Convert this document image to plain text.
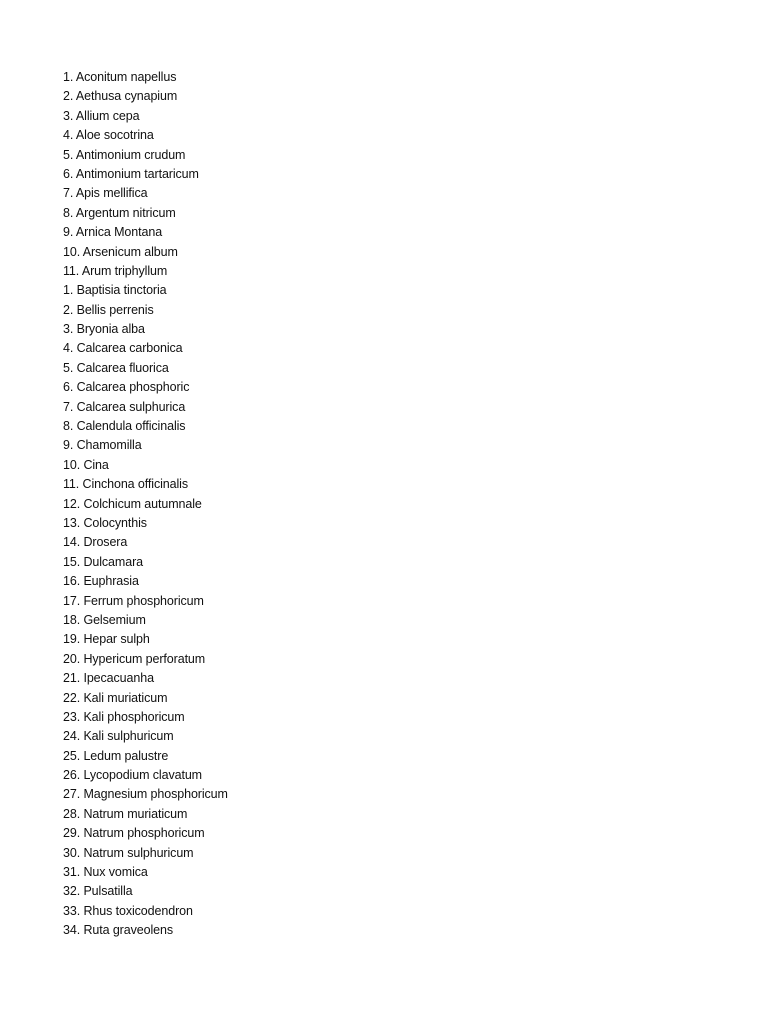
1. Aconitum napellus
2. Aethusa cynapium
3. Allium cepa
4. Aloe socotrina
5. Antimonium crudum
6. Antimonium tartaricum
7. Apis mellifica
8. Argentum nitricum
9. Arnica Montana
10. Arsenicum album
11. Arum triphyllum
1. Baptisia tinctoria
2. Bellis perrenis
3. Bryonia alba
4. Calcarea carbonica
5. Calcarea fluorica
6. Calcarea phosphoric
7. Calcarea sulphurica
8. Calendula officinalis
9. Chamomilla
10. Cina
11. Cinchona officinalis
12. Colchicum autumnale
13. Colocynthis
14. Drosera
15. Dulcamara
16. Euphrasia
17. Ferrum phosphoricum
18. Gelsemium
19. Hepar sulph
20. Hypericum perforatum
21. Ipecacuanha
22. Kali muriaticum
23. Kali phosphoricum
24. Kali sulphuricum
25. Ledum palustre
26. Lycopodium clavatum
27. Magnesium phosphoricum
28. Natrum muriaticum
29. Natrum phosphoricum
30. Natrum sulphuricum
31. Nux vomica
32. Pulsatilla
33. Rhus toxicodendron
34. Ruta graveolens
